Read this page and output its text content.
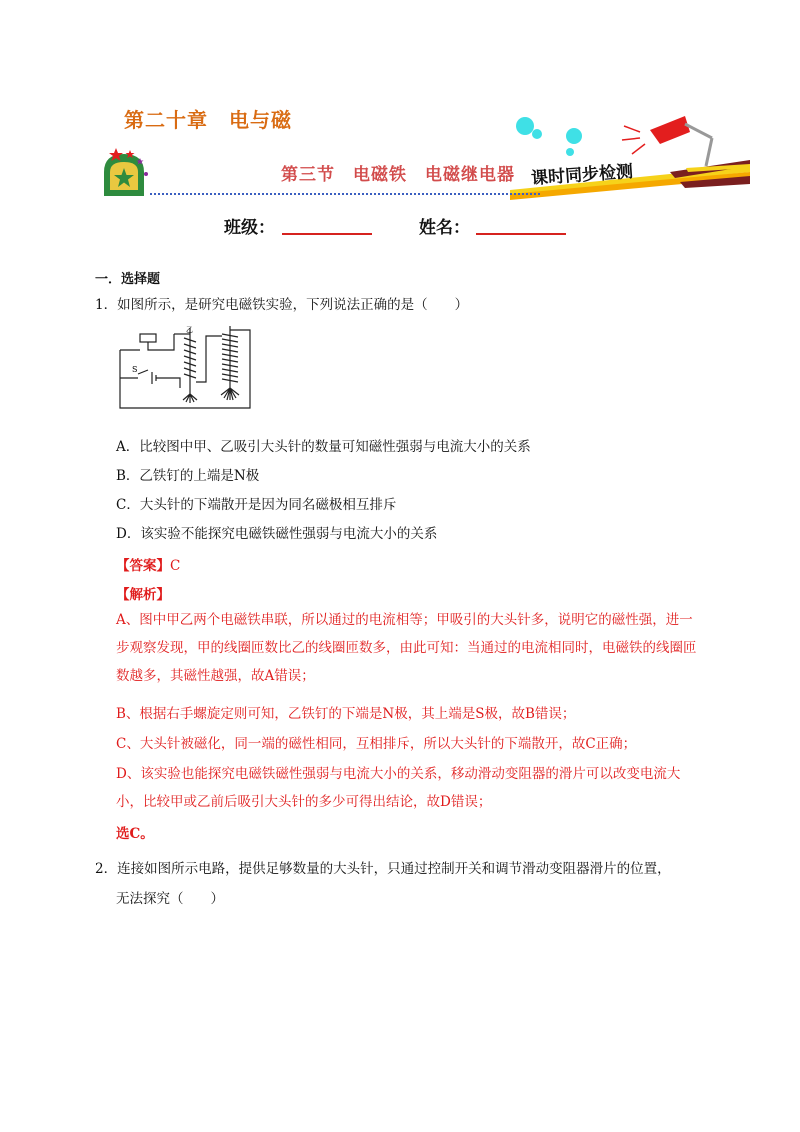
第二十章　电与磁
第三节　电磁铁　电磁继电器 课时同步检测
班级：	姓名：
一．选择题
1．如图所示，是研究电磁铁实验，下列说法正确的是（　　）
S
乙
A．比较图中甲、乙吸引大头针的数量可知磁性强弱与电流大小的关系
B．乙铁钉的上端是N极
C．大头针的下端散开是因为同名磁极相互排斥
D．该实验不能探究电磁铁磁性强弱与电流大小的关系
【答案】C
【解析】
A、图中甲乙两个电磁铁串联，所以通过的电流相等；甲吸引的大头针多，说明它的磁性强，进一步观察发现，甲的线圈匝数比乙的线圈匝数多，由此可知：当通过的电流相同时，电磁铁的线圈匝数越多，其磁性越强，故A错误；
B、根据右手螺旋定则可知，乙铁钉的下端是N极，其上端是S极，故B错误；
C、大头针被磁化，同一端的磁性相同，互相排斥，所以大头针的下端散开，故C正确；
D、该实验也能探究电磁铁磁性强弱与电流大小的关系，移动滑动变阻器的滑片可以改变电流大小，比较甲或乙前后吸引大头针的多少可得出结论，故D错误；
选C。
2．连接如图所示电路，提供足够数量的大头针，只通过控制开关和调节滑动变阻器滑片的位置，
无法探究（　　）
